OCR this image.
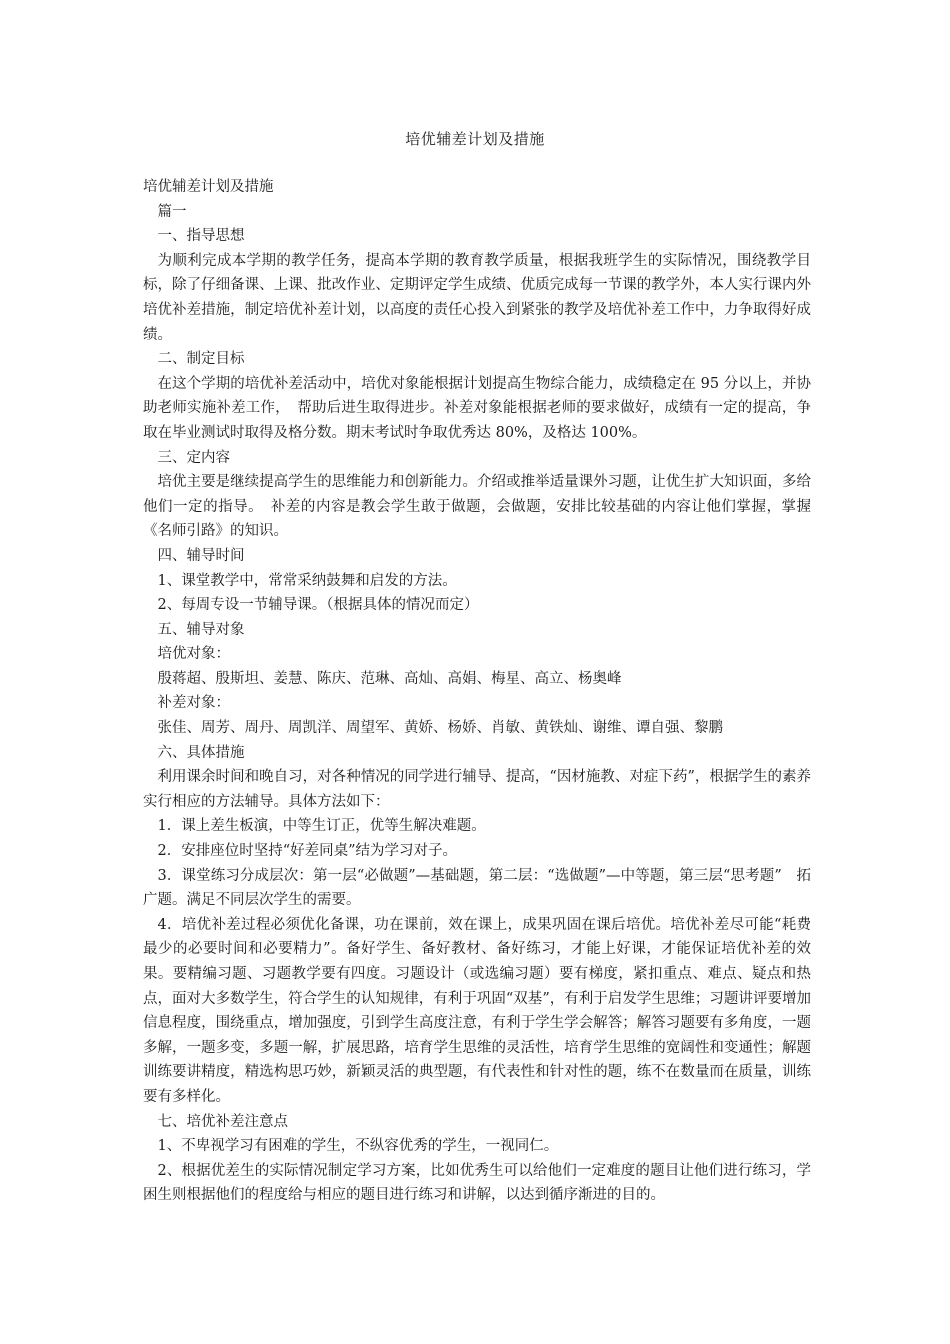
培优辅差计划及措施

培优辅差计划及措施

篇一

一、指导思想

为顺利完成本学期的教学任务，提高本学期的教育教学质量，根据我班学生的实际情况，围绕教学目标，除了仔细备课、上课、批改作业、定期评定学生成绩、优质完成每一节课的教学外，本人实行课内外培优补差措施，制定培优补差计划，以高度的责任心投入到紧张的教学及培优补差工作中，力争取得好成绩。

二、制定目标

在这个学期的培优补差活动中，培优对象能根据计划提高生物综合能力，成绩稳定在 95 分以上，并协助老师实施补差工作，　帮助后进生取得进步。补差对象能根据老师的要求做好，成绩有一定的提高，争取在毕业测试时取得及格分数。期末考试时争取优秀达 80%，及格达 100%。

三、定内容

培优主要是继续提高学生的思维能力和创新能力。介绍或推举适量课外习题，让优生扩大知识面，多给他们一定的指导。　补差的内容是教会学生敢于做题，会做题，安排比较基础的内容让他们掌握，掌握《名师引路》的知识。

四、辅导时间

1、课堂教学中，常常采纳鼓舞和启发的方法。

2、每周专设一节辅导课。（根据具体的情况而定）

五、辅导对象

培优对象：

殷蒋超、殷斯坦、姜慧、陈庆、范琳、高灿、高娟、梅星、高立、杨奥峰

补差对象：

张佳、周芳、周丹、周凯洋、周望军、黄娇、杨娇、肖敏、黄铁灿、谢维、谭自强、黎鹏

六、具体措施

利用课余时间和晚自习，对各种情况的同学进行辅导、提高，“因材施教、对症下药”，根据学生的素养实行相应的方法辅导。具体方法如下：

1．课上差生板演，中等生订正，优等生解决难题。

2．安排座位时坚持“好差同桌”结为学习对子。

3．课堂练习分成层次：第一层“必做题”—基础题，第二层：“选做题”—中等题，第三层“思考题”　拓广题。满足不同层次学生的需要。

4．培优补差过程必须优化备课，功在课前，效在课上，成果巩固在课后培优。培优补差尽可能“耗费最少的必要时间和必要精力”。备好学生、备好教材、备好练习，才能上好课，才能保证培优补差的效果。要精编习题、习题教学要有四度。习题设计（或选编习题）要有梯度，紧扣重点、难点、疑点和热点，面对大多数学生，符合学生的认知规律，有利于巩固“双基”，有利于启发学生思维；习题讲评要增加信息程度，围绕重点，增加强度，引到学生高度注意，有利于学生学会解答；解答习题要有多角度，一题多解，一题多变，多题一解，扩展思路，培育学生思维的灵活性，培育学生思维的宽阔性和变通性；解题训练要讲精度，精选构思巧妙，新颖灵活的典型题，有代表性和针对性的题，练不在数量而在质量，训练要有多样化。

七、培优补差注意点

1、不卑视学习有困难的学生，不纵容优秀的学生，一视同仁。

2、根据优差生的实际情况制定学习方案，比如优秀生可以给他们一定难度的题目让他们进行练习，学困生则根据他们的程度给与相应的题目进行练习和讲解，以达到循序渐进的目的。
